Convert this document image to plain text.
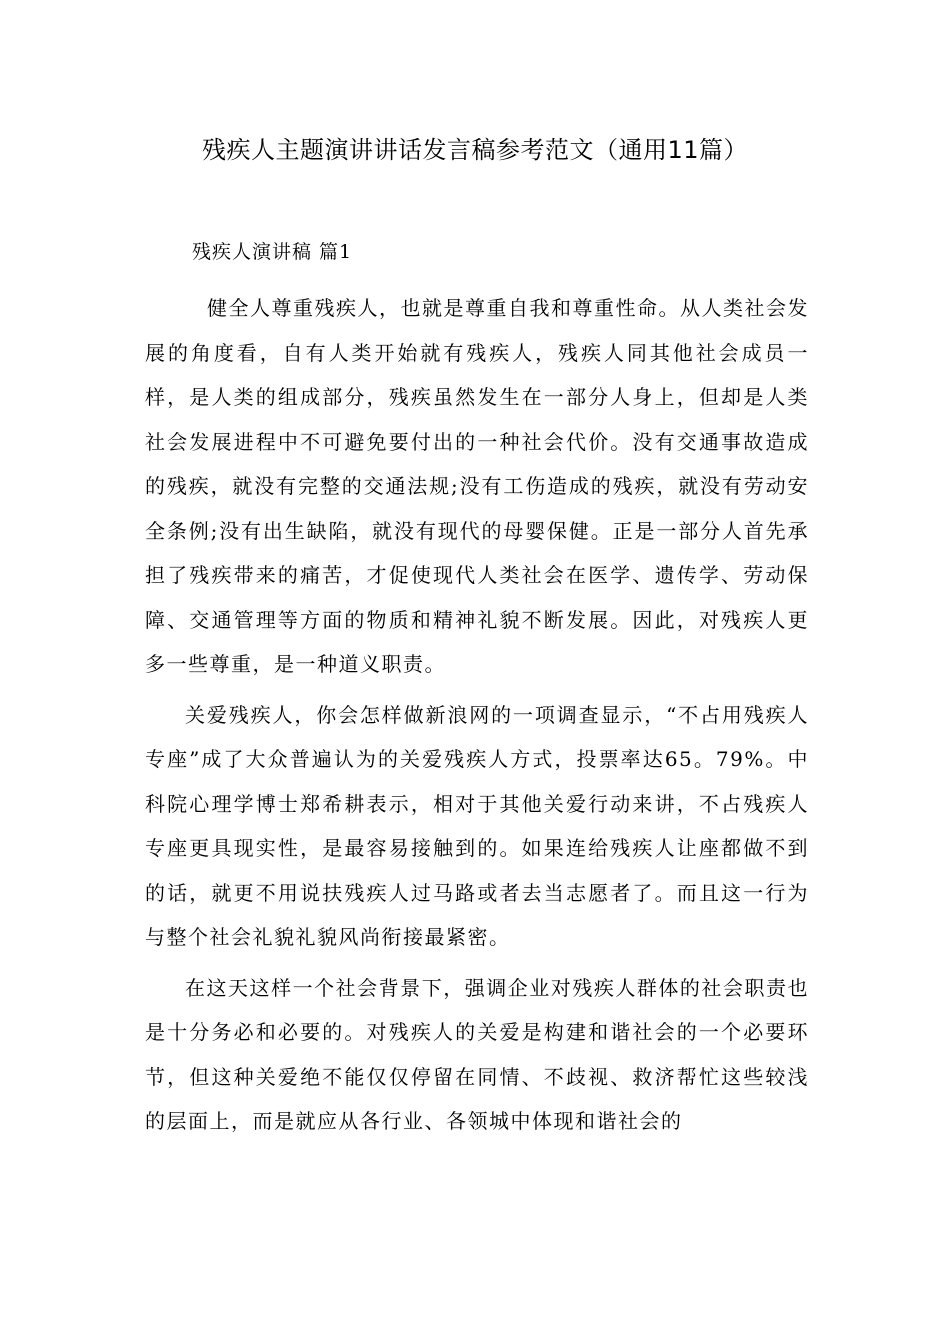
残疾人主题演讲讲话发言稿参考范文（通用11篇）
残疾人演讲稿 篇1

健全人尊重残疾人，也就是尊重自我和尊重性命。从人类社会发展的角度看，自有人类开始就有残疾人，残疾人同其他社会成员一样，是人类的组成部分，残疾虽然发生在一部分人身上，但却是人类社会发展进程中不可避免要付出的一种社会代价。没有交通事故造成的残疾，就没有完整的交通法规;没有工伤造成的残疾，就没有劳动安全条例;没有出生缺陷，就没有现代的母婴保健。正是一部分人首先承担了残疾带来的痛苦，才促使现代人类社会在医学、遗传学、劳动保障、交通管理等方面的物质和精神礼貌不断发展。因此，对残疾人更多一些尊重，是一种道义职责。

关爱残疾人，你会怎样做新浪网的一项调查显示，“不占用残疾人专座”成了大众普遍认为的关爱残疾人方式，投票率达65。79%。中科院心理学博士郑希耕表示，相对于其他关爱行动来讲，不占残疾人专座更具现实性，是最容易接触到的。如果连给残疾人让座都做不到的话，就更不用说扶残疾人过马路或者去当志愿者了。而且这一行为与整个社会礼貌礼貌风尚衔接最紧密。

在这天这样一个社会背景下，强调企业对残疾人群体的社会职责也是十分务必和必要的。对残疾人的关爱是构建和谐社会的一个必要环节，但这种关爱绝不能仅仅停留在同情、不歧视、救济帮忙这些较浅的层面上，而是就应从各行业、各领城中体现和谐社会的
